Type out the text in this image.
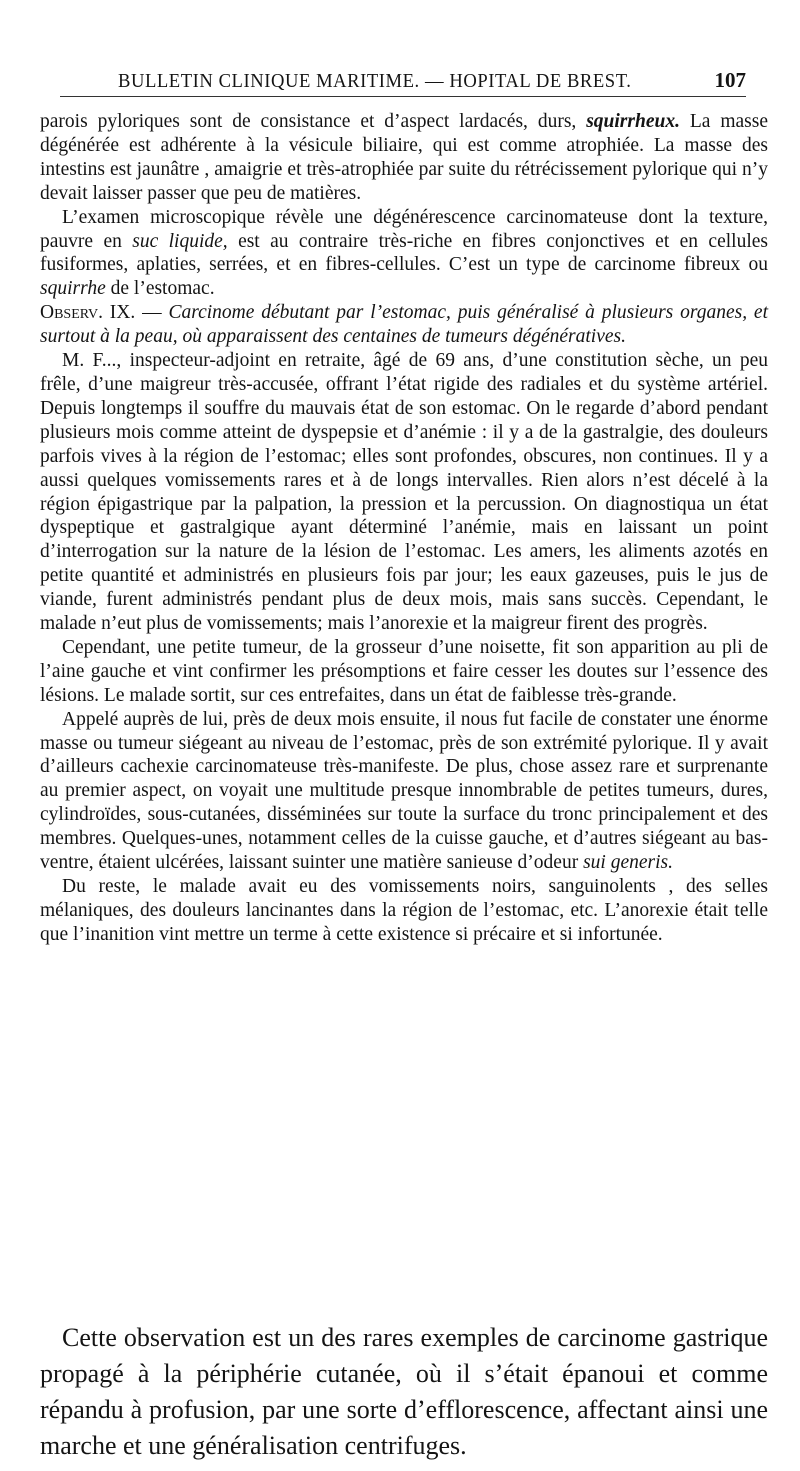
BULLETIN CLINIQUE MARITIME. — HOPITAL DE BREST.	107

parois pyloriques sont de consistance et d’aspect lardacés, durs, squirrheux. La masse dégénérée est adhérente à la vésicule biliaire, qui est comme atrophiée. La masse des intestins est jaunâtre , amaigrie et très-atrophiée par suite du rétrécissement pylorique qui n’y devait laisser passer que peu de matières.

L’examen microscopique révèle une dégénérescence carcinomateuse dont la texture, pauvre en suc liquide, est au contraire très-riche en fibres conjonctives et en cellules fusiformes, aplaties, serrées, et en fibres-cellules. C’est un type de carcinome fibreux ou squirrhe de l’estomac.

Observ. IX. — Carcinome débutant par l’estomac, puis généralisé à plusieurs organes, et surtout à la peau, où apparaissent des centaines de tumeurs dégénératives.

M. F..., inspecteur-adjoint en retraite, âgé de 69 ans, d’une constitution sèche, un peu frêle, d’une maigreur très-accusée, offrant l’état rigide des radiales et du système artériel. Depuis longtemps il souffre du mauvais état de son estomac. On le regarde d’abord pendant plusieurs mois comme atteint de dyspepsie et d’anémie : il y a de la gastralgie, des douleurs parfois vives à la région de l’estomac; elles sont profondes, obscures, non continues. Il y a aussi quelques vomissements rares et à de longs intervalles. Rien alors n’est décelé à la région épigastrique par la palpation, la pression et la percussion. On diagnostiqua un état dyspeptique et gastralgique ayant déterminé l’anémie, mais en laissant un point d’interrogation sur la nature de la lésion de l’estomac. Les amers, les aliments azotés en petite quantité et administrés en plusieurs fois par jour; les eaux gazeuses, puis le jus de viande, furent administrés pendant plus de deux mois, mais sans succès. Cependant, le malade n’eut plus de vomissements; mais l’anorexie et la maigreur firent des progrès.

Cependant, une petite tumeur, de la grosseur d’une noisette, fit son apparition au pli de l’aine gauche et vint confirmer les présomptions et faire cesser les doutes sur l’essence des lésions. Le malade sortit, sur ces entrefaites, dans un état de faiblesse très-grande.

Appelé auprès de lui, près de deux mois ensuite, il nous fut facile de constater une énorme masse ou tumeur siégeant au niveau de l’estomac, près de son extrémité pylorique. Il y avait d’ailleurs cachexie carcinomateuse très-manifeste. De plus, chose assez rare et surprenante au premier aspect, on voyait une multitude presque innombrable de petites tumeurs, dures, cylindroïdes, sous-cutanées, disséminées sur toute la surface du tronc principalement et des membres. Quelques-unes, notamment celles de la cuisse gauche, et d’autres siégeant au bas-ventre, étaient ulcérées, laissant suinter une matière sanieuse d’odeur sui generis.

Du reste, le malade avait eu des vomissements noirs, sanguinolents , des selles mélaniques, des douleurs lancinantes dans la région de l’estomac, etc. L’anorexie était telle que l’inanition vint mettre un terme à cette existence si précaire et si infortunée.

Cette observation est un des rares exemples de carcinome gastrique propagé à la périphérie cutanée, où il s’était épanoui et comme répandu à profusion, par une sorte d’efflorescence, affectant ainsi une marche et une généralisation centrifuges.
